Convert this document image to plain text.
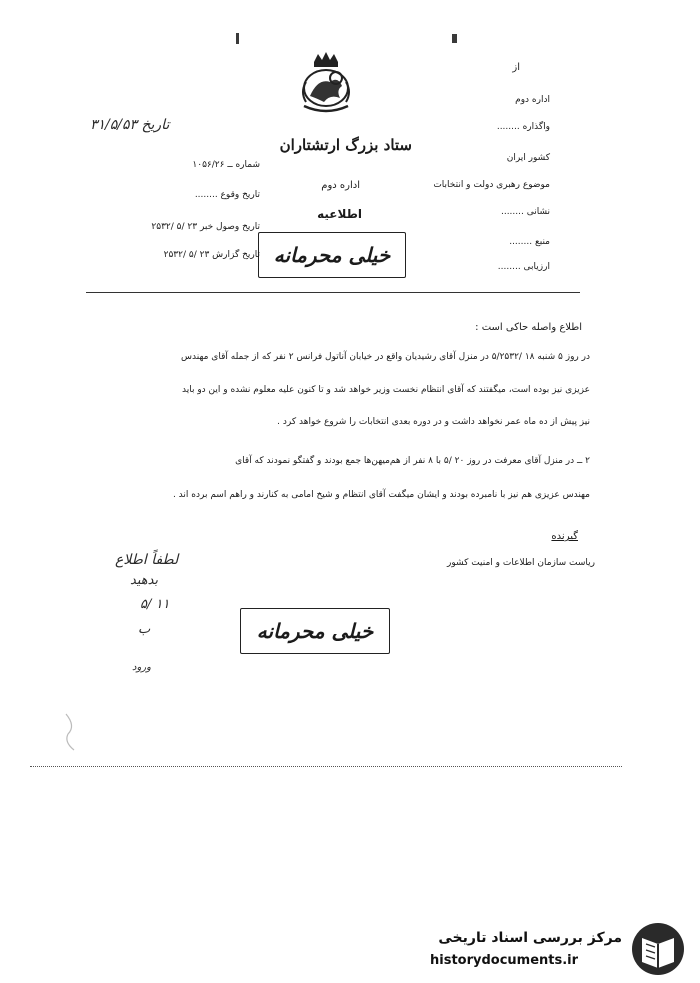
ستاد بزرگ ارتشتاران
اداره دوم
اطلاعیه
خیلی محرمانه
از
اداره دوم
واگذاره ........
کشور ایران
موضوع رهبری دولت و انتخابات
نشانی ........
منبع ........
ارزیابی ........
تاریخ ۳۱/۵/۵۳
شماره ــ ۱۰۵۶/۲۶
تاریخ وقوع ........
تاریخ وصول خبر ۲۳ /۵ /۲۵۳۲
تاریخ گزارش ۲۳ /۵ /۲۵۳۲
اطلاع واصله حاکی است :
در روز ۵ شنبه ۱۸ /۵/۲۵۳۲ در منزل آقای رشیدیان واقع در خیابان آناتول فرانس ۲ نفر که از جمله آقای مهندس
عزیزی نیز بوده است، میگفتند که آقای انتظام نخست وزیر خواهد شد و تا کنون علیه معلوم نشده و این دو باید
نیز پیش از ده ماه عمر نخواهد داشت و در دوره بعدی انتخابات را شروع خواهد کرد .
۲ ــ در منزل آقای معرفت در روز ۲۰ /۵ با ۸ نفر از هم‌میهن‌ها جمع بودند و گفتگو نمودند که آقای
مهندس عزیزی هم نیز با نامبرده بودند و ایشان میگفت آقای انتظام و شیخ امامی به کنارند و راهم اسم برده اند .
گیرنده
ریاست سازمان اطلاعات و امنیت کشور
لطفاً اطلاع
بدهید
۱۱ /۵
ب
ورود
خیلی محرمانه
مرکز بررسی اسناد تاریخی
historydocuments.ir
